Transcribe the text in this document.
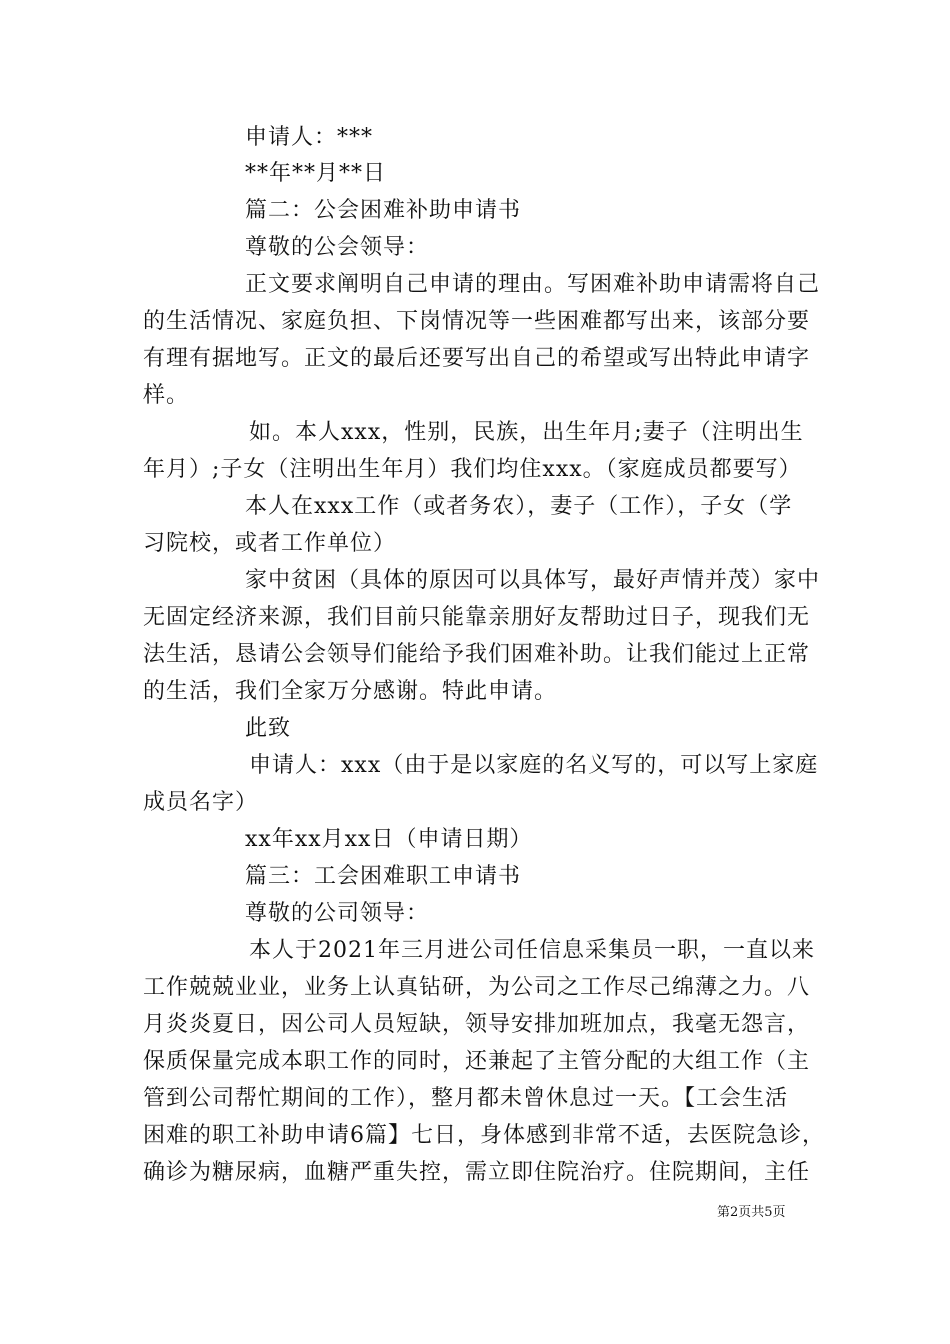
申请人：***
**年**月**日
篇二：公会困难补助申请书
尊敬的公会领导：
正文要求阐明自己申请的理由。写困难补助申请需将自己
的生活情况、家庭负担、下岗情况等一些困难都写出来，该部分要
有理有据地写。正文的最后还要写出自己的希望或写出特此申请字
样。
如。本人xxx，性别，民族，出生年月;妻子（注明出生
年月）;子女（注明出生年月）我们均住xxx。（家庭成员都要写）
本人在xxx工作（或者务农），妻子（工作），子女（学
习院校，或者工作单位）
家中贫困（具体的原因可以具体写，最好声情并茂）家中
无固定经济来源，我们目前只能靠亲朋好友帮助过日子，现我们无
法生活，恳请公会领导们能给予我们困难补助。让我们能过上正常
的生活，我们全家万分感谢。特此申请。
此致
申请人：xxx（由于是以家庭的名义写的，可以写上家庭
成员名字）
xx年xx月xx日（申请日期）
篇三：工会困难职工申请书
尊敬的公司领导：
本人于2021年三月进公司任信息采集员一职，一直以来
工作兢兢业业，业务上认真钻研，为公司之工作尽己绵薄之力。八
月炎炎夏日，因公司人员短缺，领导安排加班加点，我毫无怨言，
保质保量完成本职工作的同时，还兼起了主管分配的大组工作（主
管到公司帮忙期间的工作），整月都未曾休息过一天。【工会生活
困难的职工补助申请6篇】七日，身体感到非常不适，去医院急诊，
确诊为糖尿病，血糖严重失控，需立即住院治疗。住院期间，主任
第2页共5页
